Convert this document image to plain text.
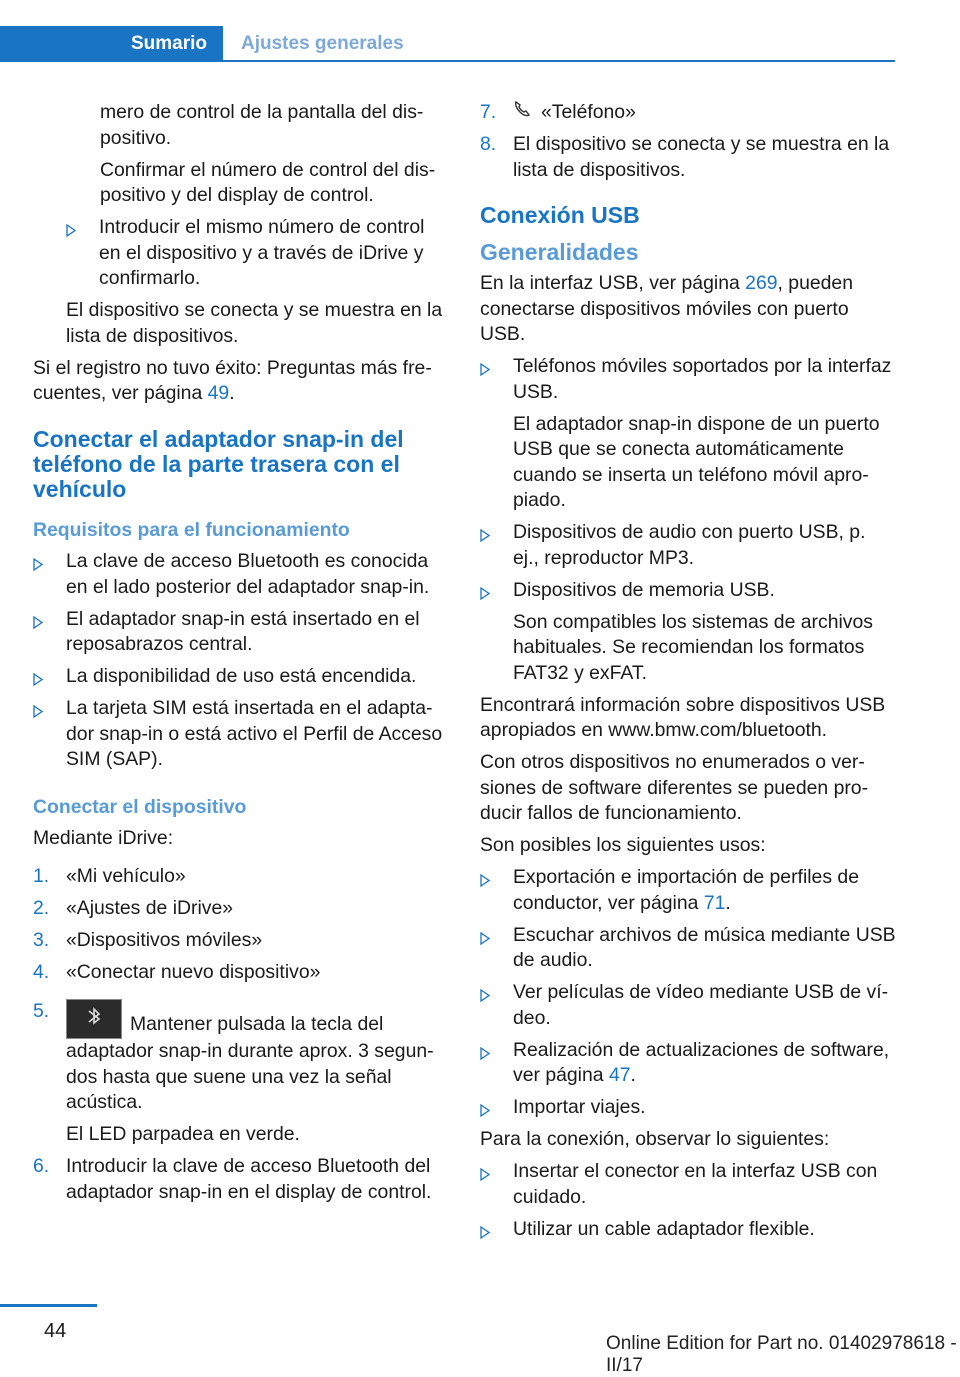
Sumario Ajustes generales

mero de control de la pantalla del dispositivo.

Confirmar el número de control del dispositivo y del display de control.

Introducir el mismo número de control en el dispositivo y a través de iDrive y confirmarlo.

El dispositivo se conecta y se muestra en la lista de dispositivos.

Si el registro no tuvo éxito: Preguntas más frecuentes, ver página 49.

Conectar el adaptador snap-in del teléfono de la parte trasera con el vehículo
Requisitos para el funcionamiento
La clave de acceso Bluetooth es conocida en el lado posterior del adaptador snap-in.
El adaptador snap-in está insertado en el reposabrazos central.
La disponibilidad de uso está encendida.
La tarjeta SIM está insertada en el adaptador snap-in o está activo el Perfil de Acceso SIM (SAP).
Conectar el dispositivo

Mediante iDrive:

1. «Mi vehículo»
2. «Ajustes de iDrive»
3. «Dispositivos móviles»
4. «Conectar nuevo dispositivo»
5.
Mantener pulsada la tecla del adaptador snap-in durante aprox. 3 segundos hasta que suene una vez la señal acústica.

El LED parpadea en verde.

6. Introducir la clave de acceso Bluetooth del adaptador snap-in en el display de control.
7.	«Teléfono»
8. El dispositivo se conecta y se muestra en la lista de dispositivos.
Conexión USB
Generalidades

En la interfaz USB, ver página 269, pueden conectarse dispositivos móviles con puerto USB.

Teléfonos móviles soportados por la interfaz USB.

El adaptador snap-in dispone de un puerto USB que se conecta automáticamente cuando se inserta un teléfono móvil apropiado.

Dispositivos de audio con puerto USB, p. ej., reproductor MP3.
Dispositivos de memoria USB.

Son compatibles los sistemas de archivos habituales. Se recomiendan los formatos FAT32 y exFAT.

Encontrará información sobre dispositivos USB apropiados en www.bmw.com/bluetooth.

Con otros dispositivos no enumerados o versiones de software diferentes se pueden producir fallos de funcionamiento.

Son posibles los siguientes usos:

Exportación e importación de perfiles de conductor, ver página 71.
Escuchar archivos de música mediante USB de audio.
Ver películas de vídeo mediante USB de vídeo.
Realización de actualizaciones de software, ver página 47.
Importar viajes.

Para la conexión, observar lo siguientes:

Insertar el conector en la interfaz USB con cuidado.
Utilizar un cable adaptador flexible.
44
Online Edition for Part no. 01402978618 - II/17
